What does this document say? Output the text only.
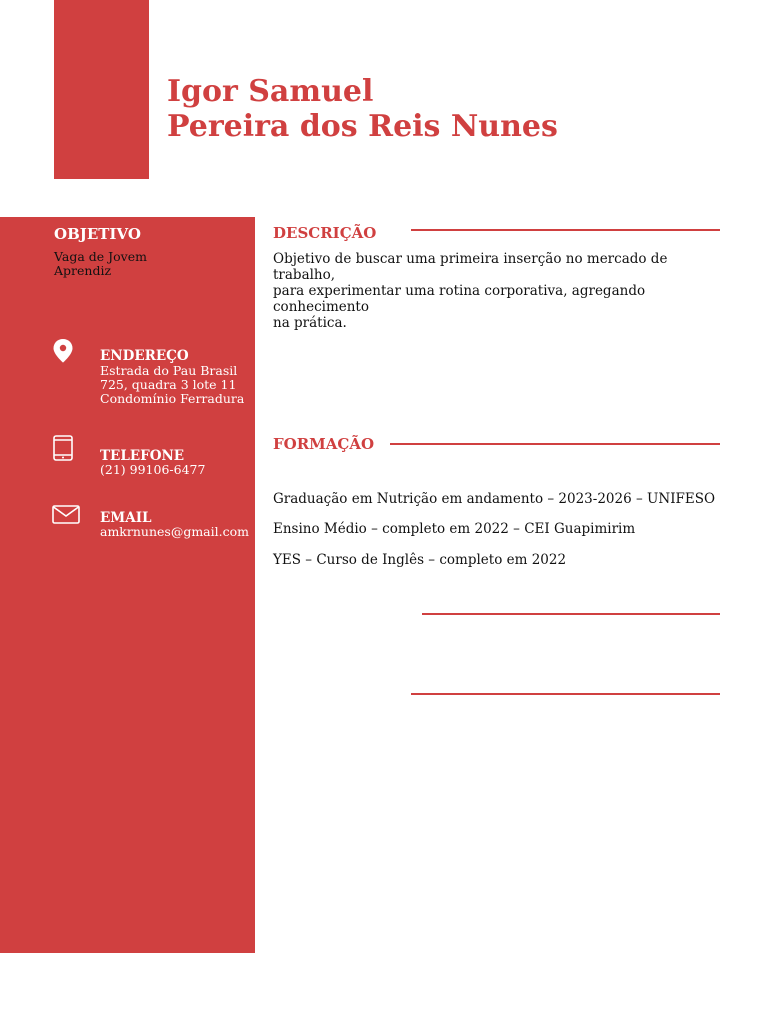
Igor Samuel
Pereira dos Reis Nunes
OBJETIVO
Vaga de Jovem
Aprendiz
ENDEREÇO
Estrada do Pau Brasil
725, quadra 3 lote 11
Condomínio Ferradura
TELEFONE
(21) 99106-6477
EMAIL
amkrnunes@gmail.com
DESCRIÇÃO
Objetivo de buscar uma primeira inserção no mercado de trabalho,
para experimentar uma rotina corporativa, agregando conhecimento
na prática.
FORMAÇÃO

Graduação em Nutrição em andamento – 2023-2026 – UNIFESO

Ensino Médio – completo em 2022 – CEI Guapimirim

YES – Curso de Inglês – completo em 2022
